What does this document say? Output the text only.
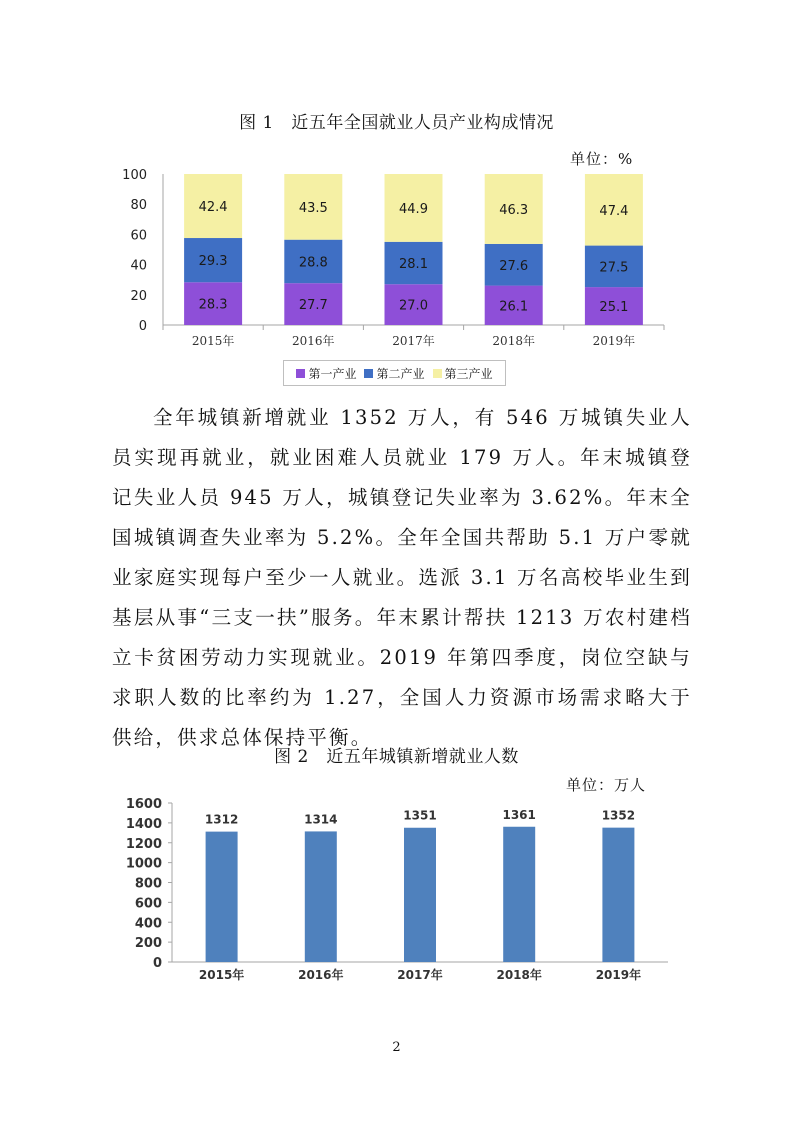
图 1　近五年全国就业人员产业构成情况
单位：%
0
20
40
60
80
100
2015年
28.3
29.3
42.4
2016年
27.7
28.8
43.5
2017年
27.0
28.1
44.9
2018年
26.1
27.6
46.3
2019年
25.1
27.5
47.4
第一产业 第二产业 第三产业

全年城镇新增就业 1352 万人，有 546 万城镇失业人员实现再就业，就业困难人员就业 179 万人。年末城镇登记失业人员 945 万人，城镇登记失业率为 3.62%。年末全国城镇调查失业率为 5.2%。全年全国共帮助 5.1 万户零就业家庭实现每户至少一人就业。选派 3.1 万名高校毕业生到基层从事“三支一扶”服务。年末累计帮扶 1213 万农村建档立卡贫困劳动力实现就业。2019 年第四季度，岗位空缺与求职人数的比率约为 1.27，全国人力资源市场需求略大于供给，供求总体保持平衡。

图 2　近五年城镇新增就业人数
单位：万人
0
200
400
600
800
1000
1200
1400
1600
1312
2015年
1314
2016年
1351
2017年
1361
2018年
1352
2019年
2
